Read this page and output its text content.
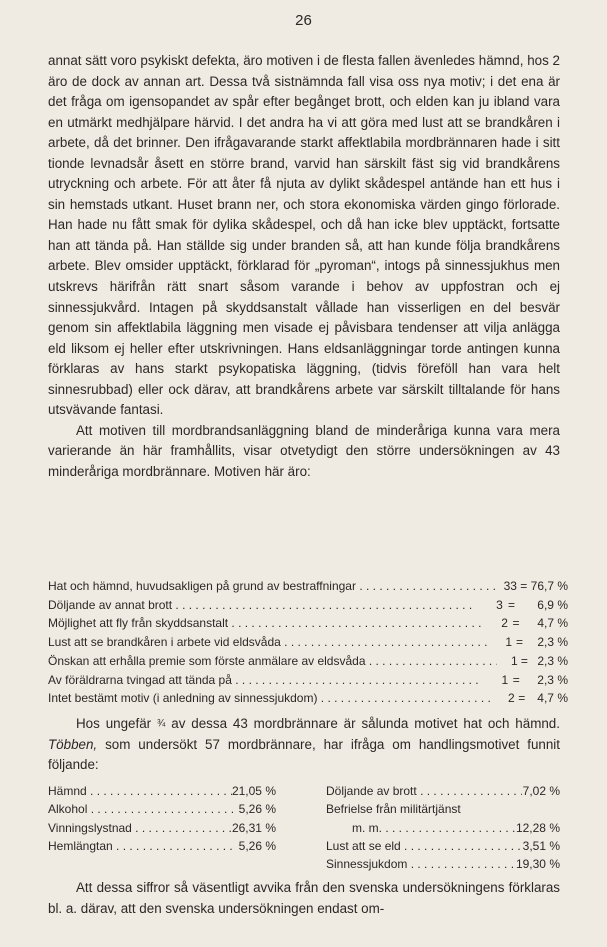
26

annat sätt voro psykiskt defekta, äro motiven i de flesta fallen ävenledes hämnd, hos 2 äro de dock av annan art. Dessa två sistnämnda fall visa oss nya motiv; i det ena är det fråga om igensopandet av spår efter begånget brott, och elden kan ju ibland vara en utmärkt medhjälpare härvid. I det andra ha vi att göra med lust att se brandkåren i arbete, då det brinner. Den ifrågavarande starkt affektlabila mordbrännaren hade i sitt tionde levnadsår åsett en större brand, varvid han särskilt fäst sig vid brandkårens utryckning och arbete. För att åter få njuta av dylikt skådespel antände han ett hus i sin hemstads utkant. Huset brann ner, och stora ekonomiska värden gingo förlorade. Han hade nu fått smak för dylika skådespel, och då han icke blev upptäckt, fortsatte han att tända på. Han ställde sig under branden så, att han kunde följa brandkårens arbete. Blev omsider upptäckt, förklarad för „pyroman“, intogs på sinnessjukhus men utskrevs härifrån rätt snart såsom varande i behov av uppfostran och ej sinnessjukvård. Intagen på skyddsanstalt vållade han visserligen en del besvär genom sin affektlabila läggning men visade ej påvisbara tendenser att vilja anlägga eld liksom ej heller efter utskrivningen. Hans eldsanläggningar torde antingen kunna förklaras av hans starkt psykopatiska läggning, (tidvis föreföll han vara helt sinnesrubbad) eller ock därav, att brandkårens arbete var särskilt tilltalande för hans utsvävande fantasi.

Att motiven till mordbrandsanläggning bland de minderåriga kunna vara mera varierande än här framhållits, visar otvetydigt den större undersökningen av 43 minderåriga mordbrännare. Motiven här äro:

Hat och hämnd, huvudsakligen på grund av bestraffningar . . .	33 = 76,7 %
Döljande av annat brott . . .	3 =	6,9 %
Möjlighet att fly från skyddsanstalt . . .	2 =	4,7 %
Lust att se brandkåren i arbete vid eldsvåda . . .	1 =	2,3 %
Önskan att erhålla premie som förste anmälare av eldsvåda . . .	1 = 2,3 %
Av föräldrarna tvingad att tända på . . .	1 =	2,3 %
Intet bestämt motiv (i anledning av sinnessjukdom) . . .	2 =	4,7 %

Hos ungefär ¾ av dessa 43 mordbrännare är sålunda motivet hat och hämnd. Többen, som undersökt 57 mordbrännare, har ifråga om handlingsmotivet funnit följande:

Hämnd . . .	21,05 %
Alkohol . . .	5,26 %
Vinningslystnad . . .	26,31 %
Hemlängtan . . .	5,26 %
Döljande av brott . . .	7,02 %
Befrielse från militärtjänst
m. m. . . .	12,28 %
Lust att se eld . . .	3,51 %
Sinnessjukdom . . .	19,30 %

Att dessa siffror så väsentligt avvika från den svenska undersökningens förklaras bl. a. därav, att den svenska undersökningen endast om-
